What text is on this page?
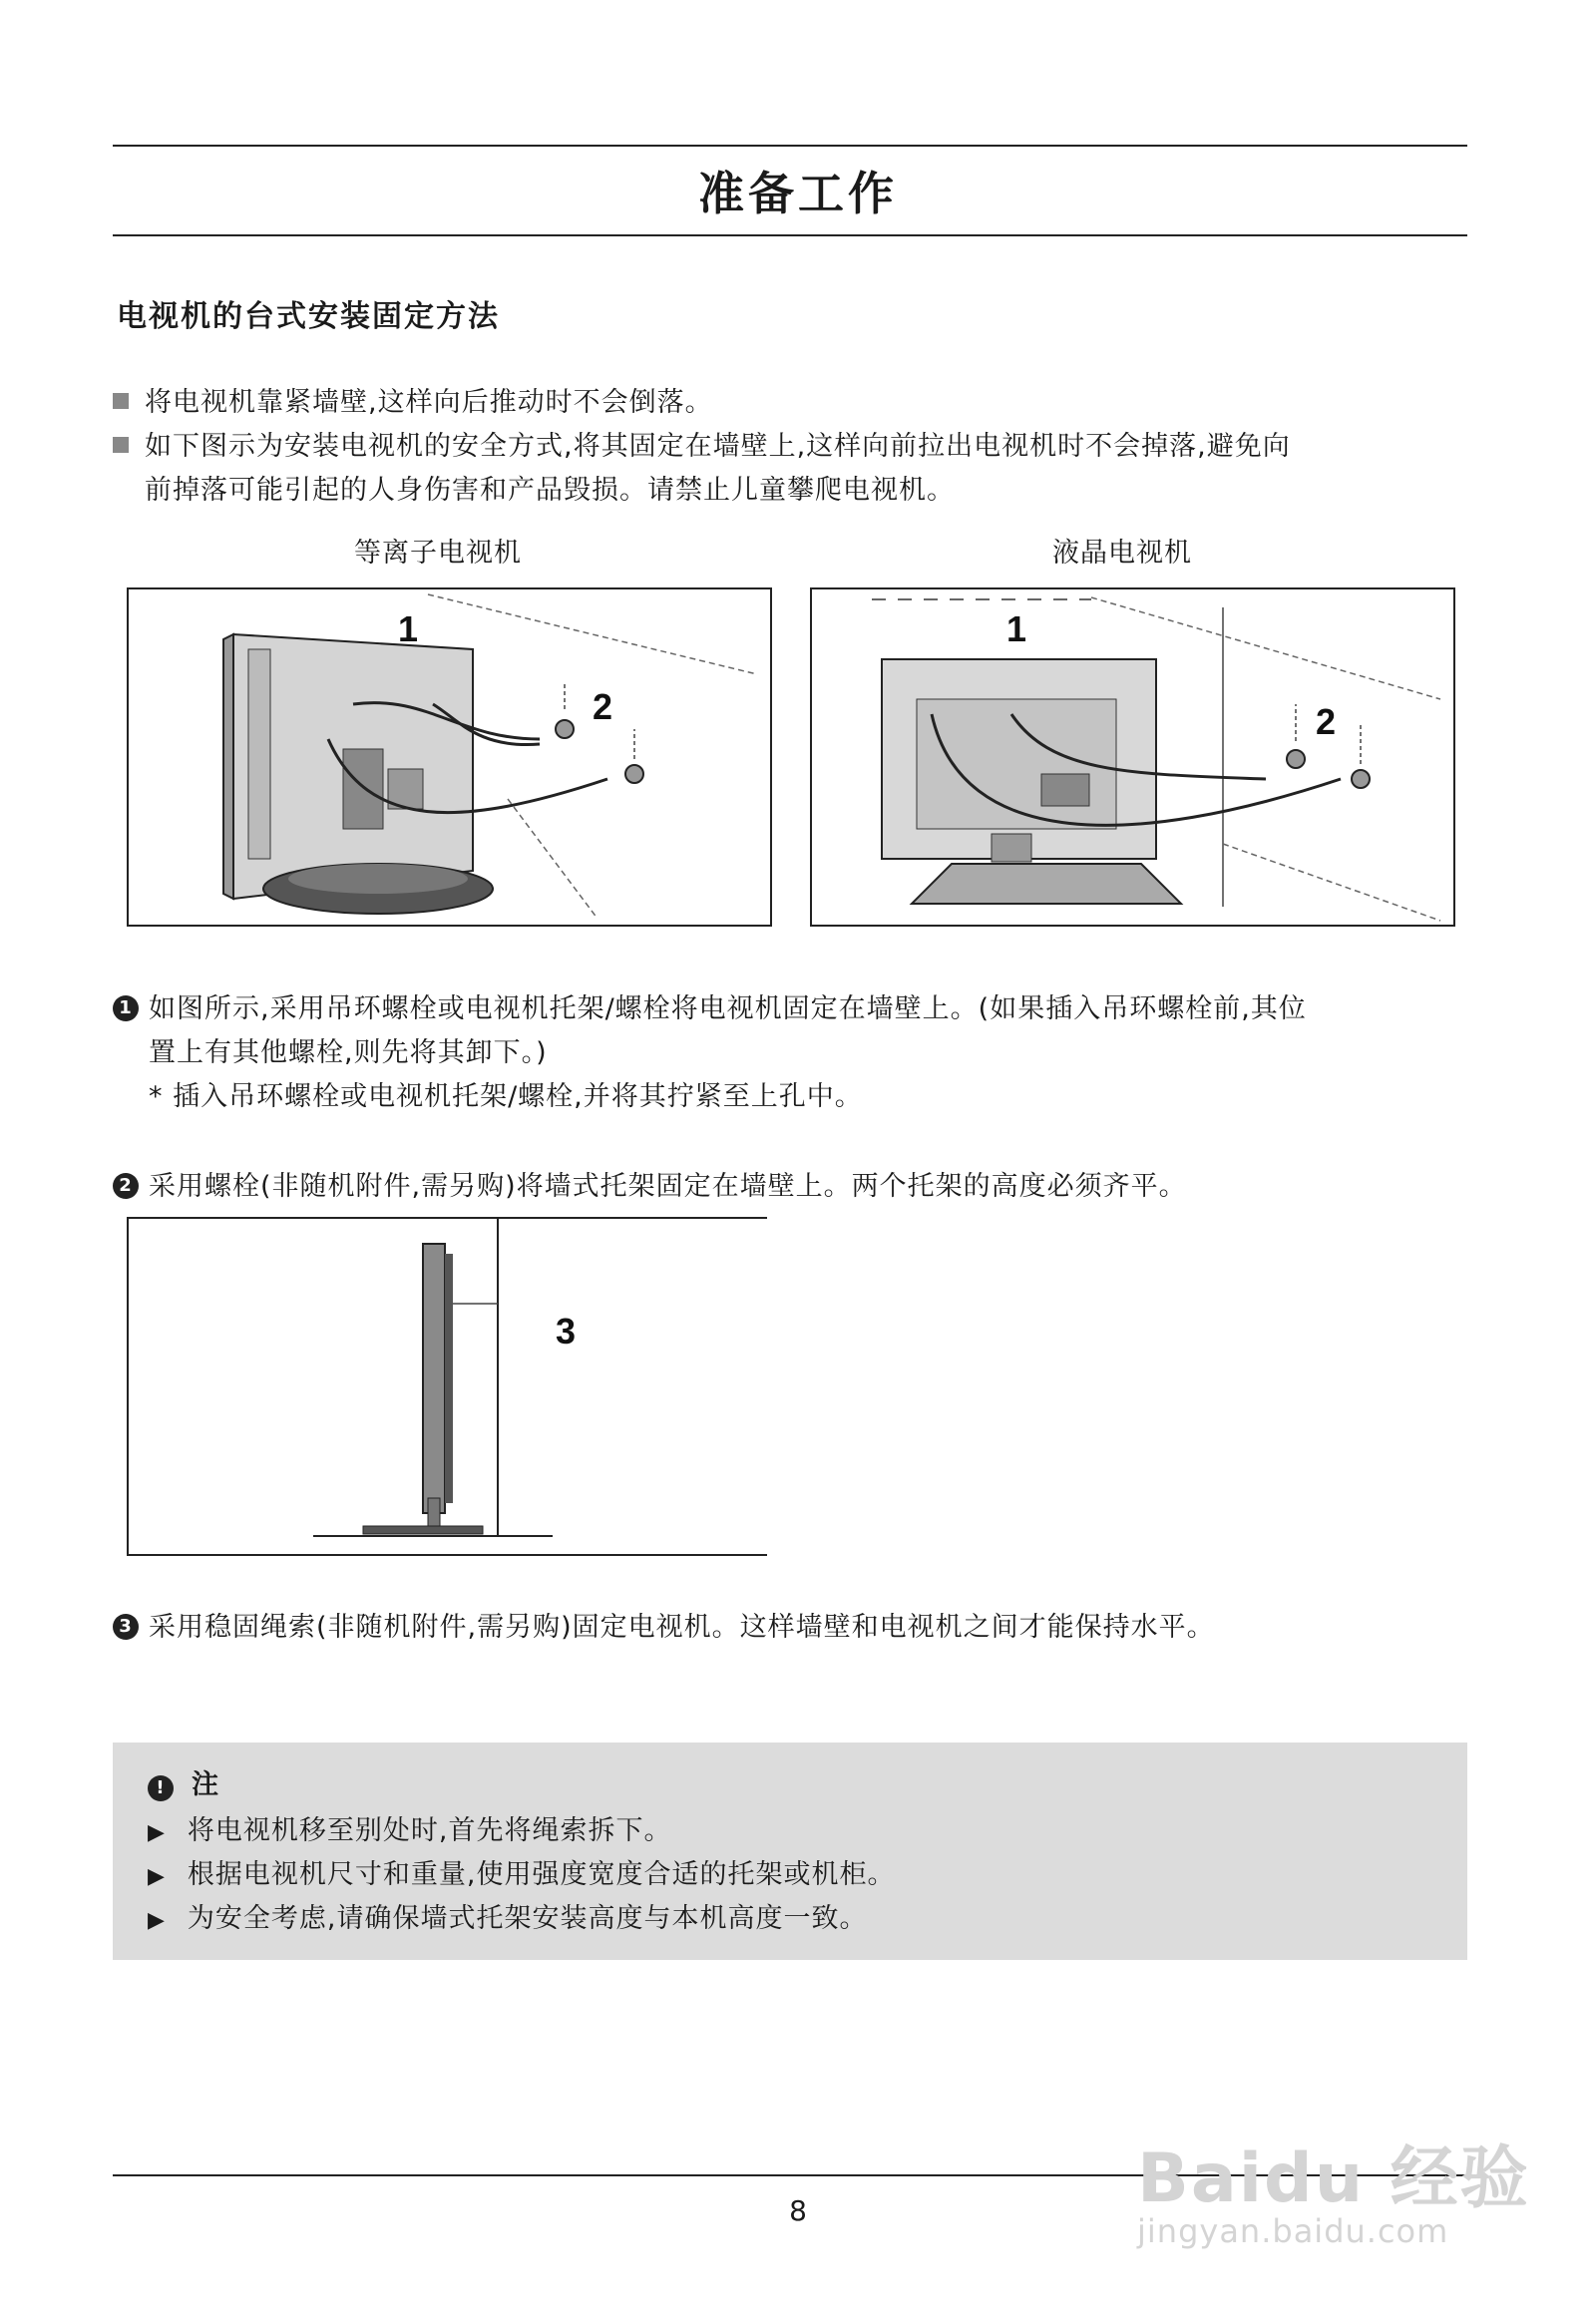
准备工作
电视机的台式安装固定方法
将电视机靠紧墙壁,这样向后推动时不会倒落。
如下图示为安装电视机的安全方式,将其固定在墙壁上,这样向前拉出电视机时不会掉落,避免向
前掉落可能引起的人身伤害和产品毁损。请禁止儿童攀爬电视机。
等离子电视机	液晶电视机
1
2
1
2
1 如图所示,采用吊环螺栓或电视机托架/螺栓将电视机固定在墙壁上。(如果插入吊环螺栓前,其位
置上有其他螺栓,则先将其卸下。)
* 插入吊环螺栓或电视机托架/螺栓,并将其拧紧至上孔中。
2 采用螺栓(非随机附件,需另购)将墙式托架固定在墙壁上。两个托架的高度必须齐平。
3
3 采用稳固绳索(非随机附件,需另购)固定电视机。这样墙壁和电视机之间才能保持水平。
! 注
▶ 将电视机移至别处时,首先将绳索拆下。
▶ 根据电视机尺寸和重量,使用强度宽度合适的托架或机柜。
▶ 为安全考虑,请确保墙式托架安装高度与本机高度一致。
8	Baidu 经验
jingyan.baidu.com
